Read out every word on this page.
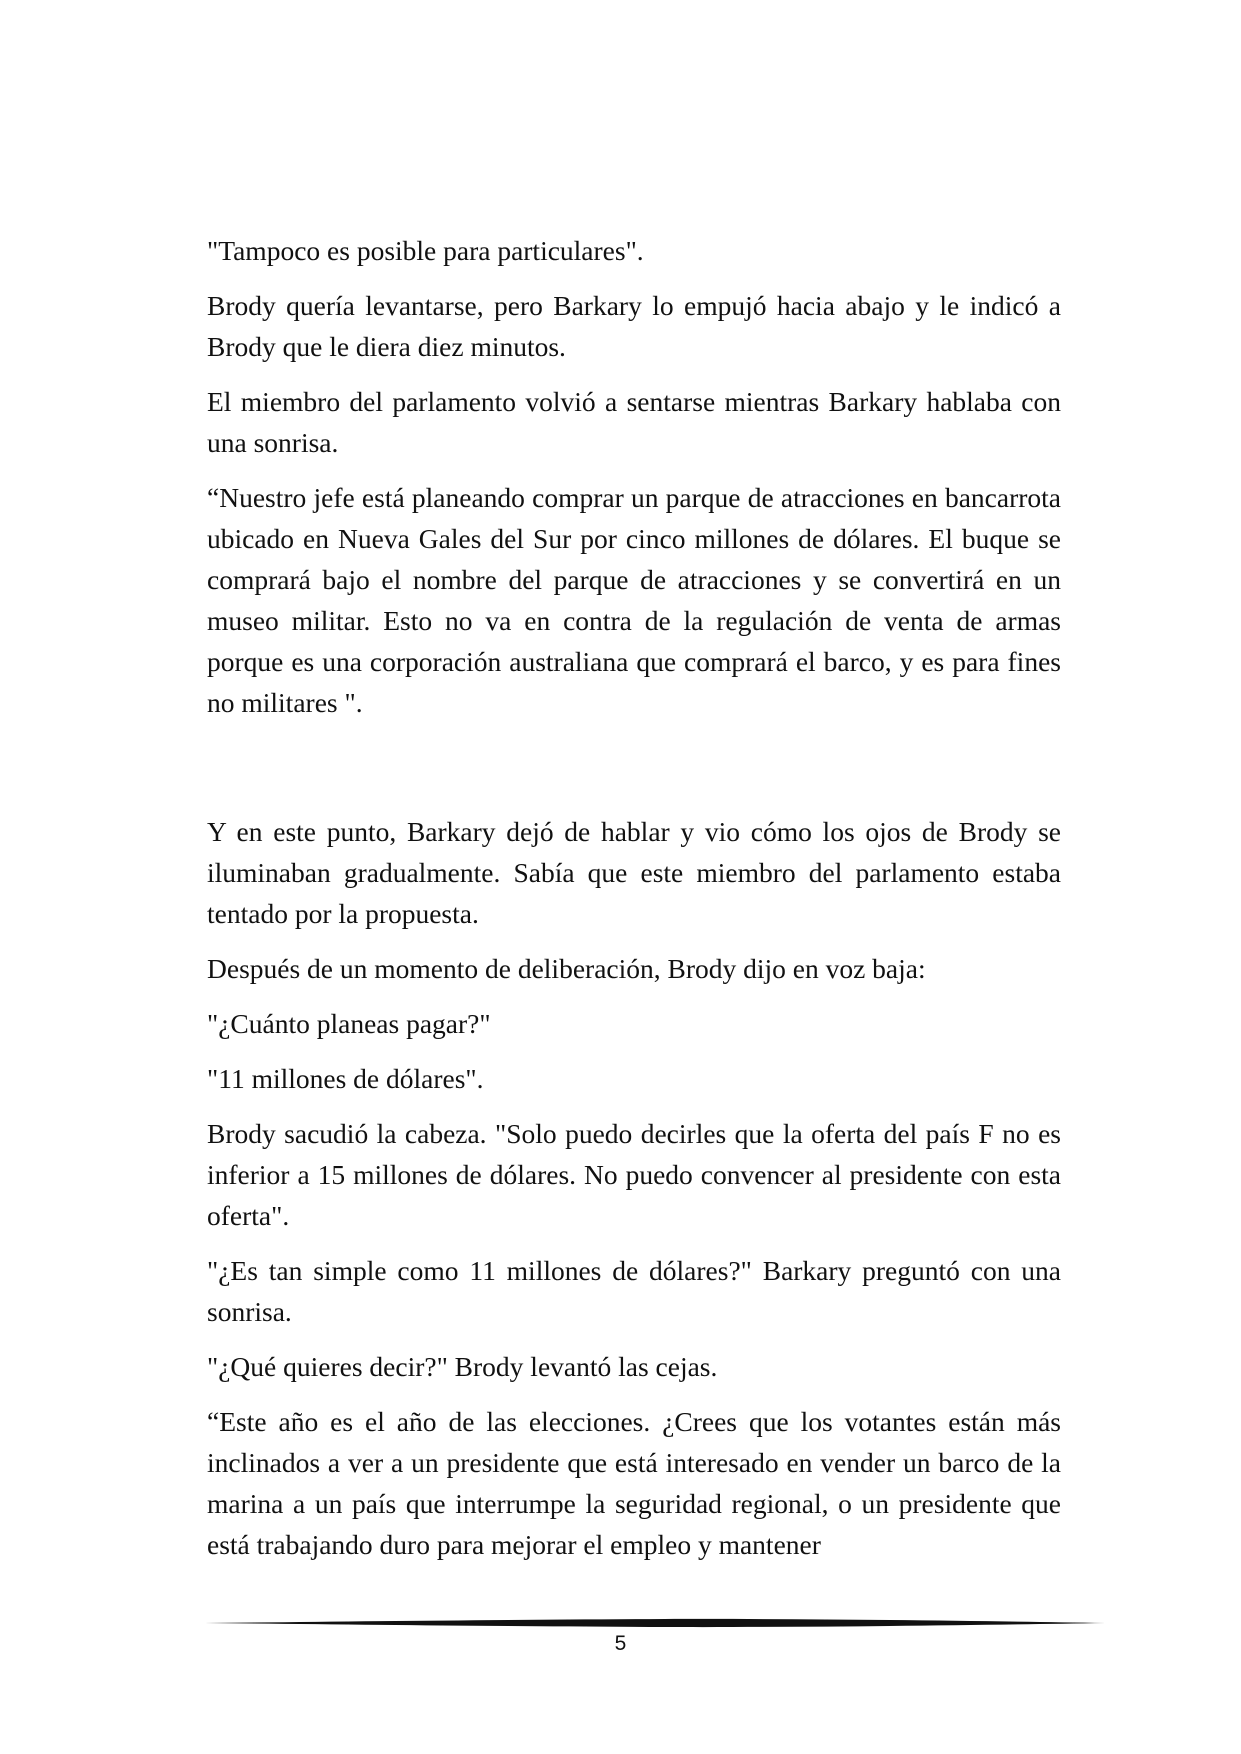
"Tampoco es posible para particulares".

Brody quería levantarse, pero Barkary lo empujó hacia abajo y le indicó a Brody que le diera diez minutos.

El miembro del parlamento volvió a sentarse mientras Barkary hablaba con una sonrisa.

“Nuestro jefe está planeando comprar un parque de atracciones en bancarrota ubicado en Nueva Gales del Sur por cinco millones de dólares. El buque se comprará bajo el nombre del parque de atracciones y se convertirá en un museo militar. Esto no va en contra de la regulación de venta de armas porque es una corporación australiana que comprará el barco, y es para fines no militares ".

Y en este punto, Barkary dejó de hablar y vio cómo los ojos de Brody se iluminaban gradualmente. Sabía que este miembro del parlamento estaba tentado por la propuesta.

Después de un momento de deliberación, Brody dijo en voz baja:

"¿Cuánto planeas pagar?"

"11 millones de dólares".

Brody sacudió la cabeza. "Solo puedo decirles que la oferta del país F no es inferior a 15 millones de dólares. No puedo convencer al presidente con esta oferta".

"¿Es tan simple como 11 millones de dólares?" Barkary preguntó con una sonrisa.

"¿Qué quieres decir?" Brody levantó las cejas.

“Este año es el año de las elecciones. ¿Crees que los votantes están más inclinados a ver a un presidente que está interesado en vender un barco de la marina a un país que interrumpe la seguridad regional, o un presidente que está trabajando duro para mejorar el empleo y mantener

5
